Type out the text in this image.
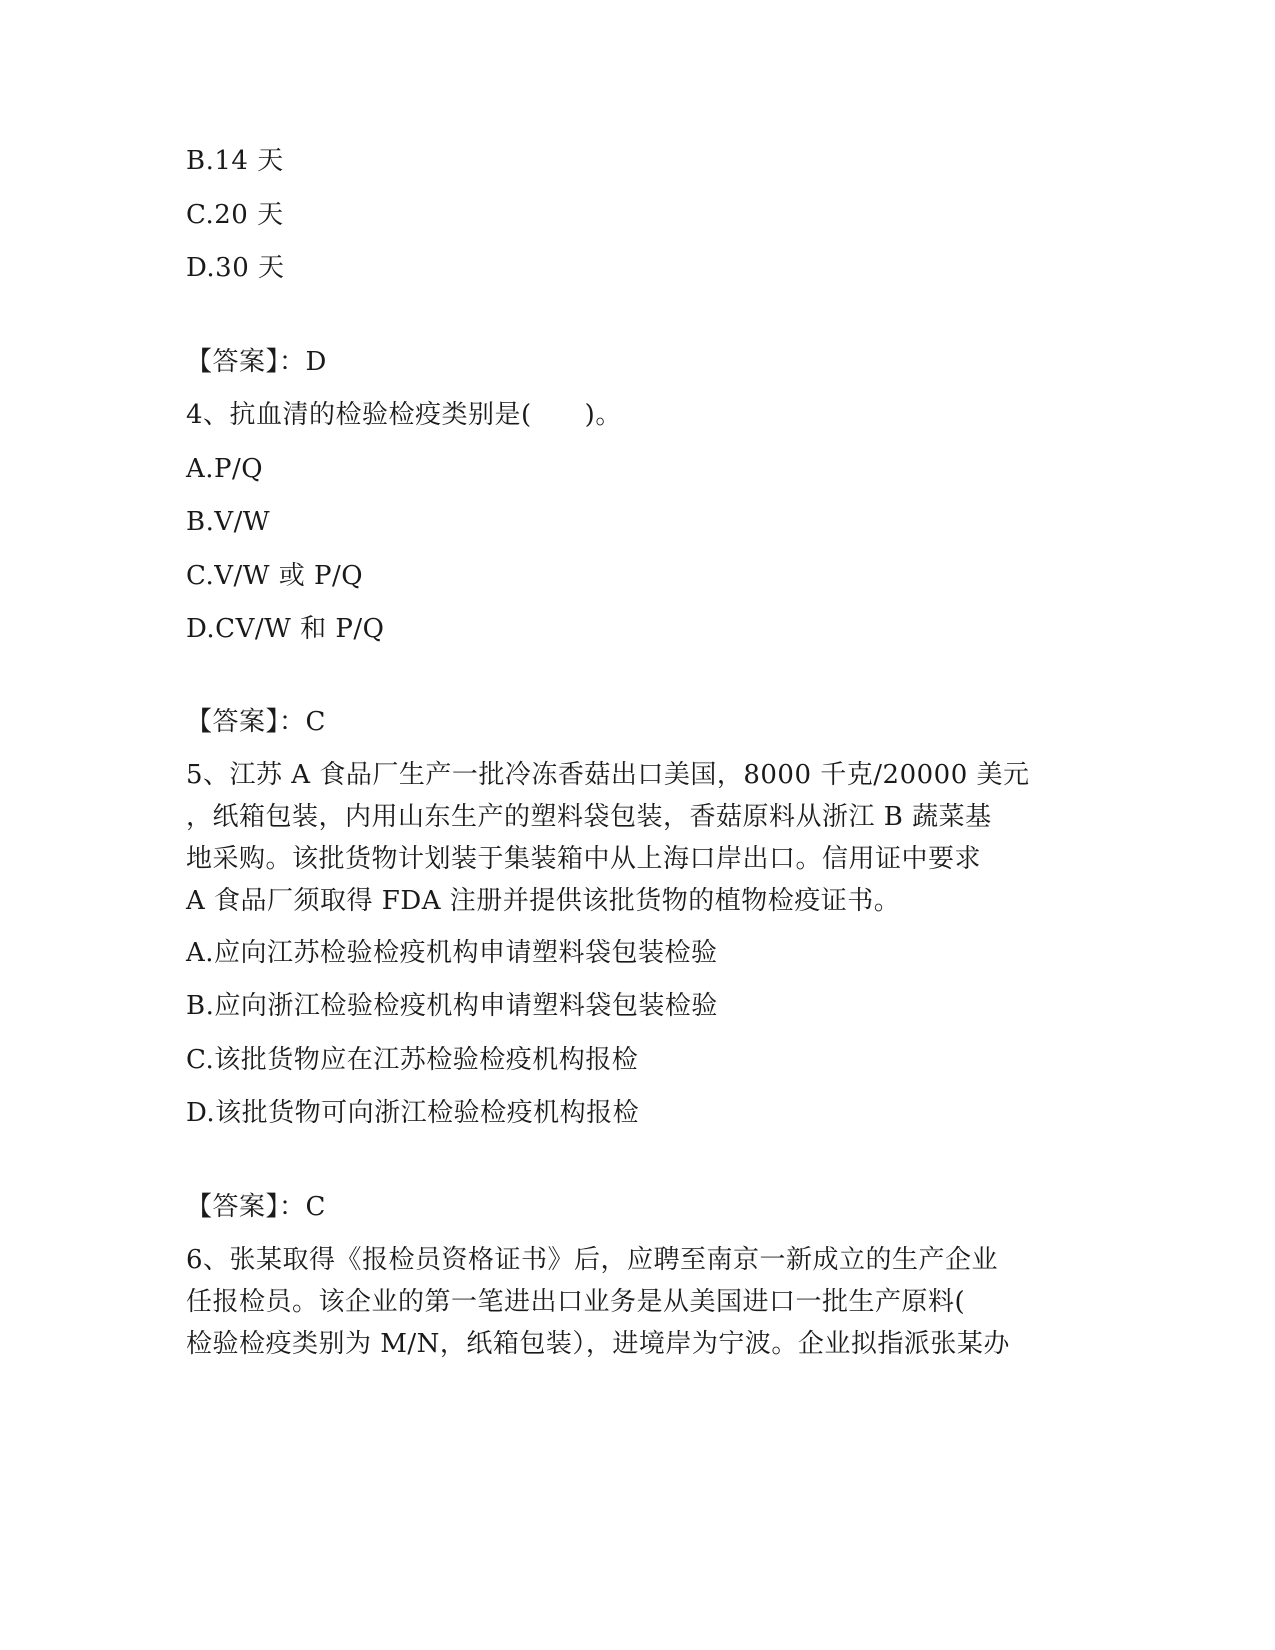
B.14 天
C.20 天
D.30 天
【答案】：D
4、抗血清的检验检疫类别是(　　)。
A.P/Q
B.V/W
C.V/W 或 P/Q
D.CV/W 和 P/Q
【答案】：C
5、江苏 A 食品厂生产一批冷冻香菇出口美国，8000 千克/20000 美元
，纸箱包装，内用山东生产的塑料袋包装，香菇原料从浙江 B 蔬菜基
地采购。该批货物计划装于集装箱中从上海口岸出口。信用证中要求
A 食品厂须取得 FDA 注册并提供该批货物的植物检疫证书。
A.应向江苏检验检疫机构申请塑料袋包装检验
B.应向浙江检验检疫机构申请塑料袋包装检验
C.该批货物应在江苏检验检疫机构报检
D.该批货物可向浙江检验检疫机构报检
【答案】：C
6、张某取得《报检员资格证书》后，应聘至南京一新成立的生产企业
任报检员。该企业的第一笔进出口业务是从美国进口一批生产原料(
检验检疫类别为 M/N，纸箱包装），进境岸为宁波。企业拟指派张某办
